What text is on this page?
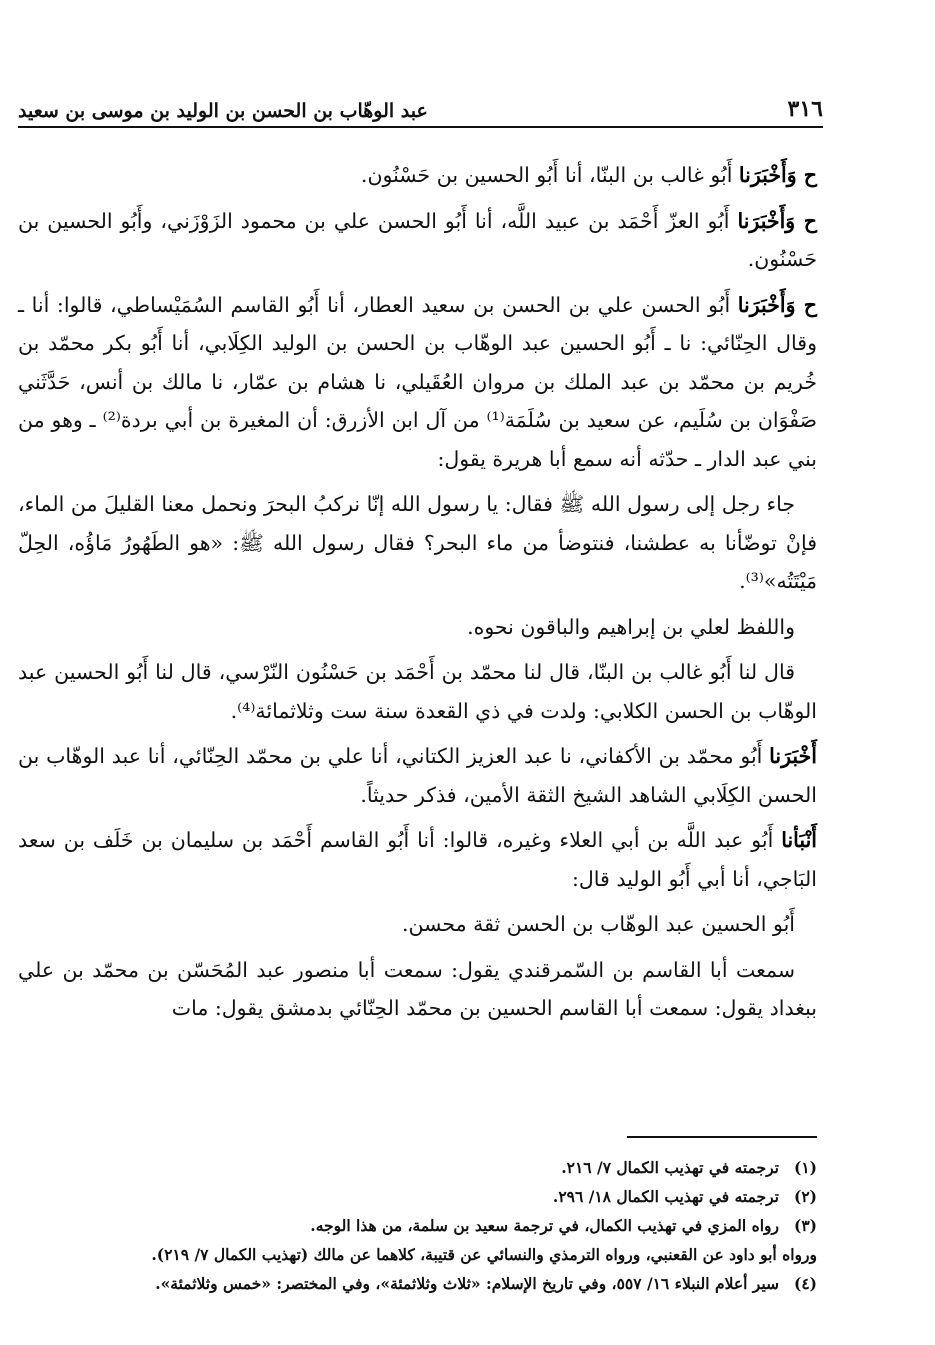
٣١٦
عبد الوهّاب بن الحسن بن الوليد بن موسى بن سعيد

ح وَأَخْبَرَنا أَبُو غالب بن البنّا، أنا أَبُو الحسين بن حَسْنُون.

ح وَأَخْبَرَنا أَبُو العزّ أَحْمَد بن عبيد اللَّه، أنا أَبُو الحسن علي بن محمود الزَوْزَني، وأَبُو الحسين بن حَسْنُون.

ح وَأَخْبَرَنا أَبُو الحسن علي بن الحسن بن سعيد العطار، أنا أَبُو القاسم السُمَيْساطي، قالوا: أنا ـ وقال الحِنّائي: نا ـ أَبُو الحسين عبد الوهّاب بن الحسن بن الوليد الكِلَابي، أنا أَبُو بكر محمّد بن خُريم بن محمّد بن عبد الملك بن مروان العُقَيلي، نا هشام بن عمّار، نا مالك بن أنس، حَدَّثَني صَفْوَان بن سُلَيم، عن سعيد بن سُلَمَة⁽¹⁾ من آل ابن الأزرق: أن المغيرة بن أبي بردة⁽²⁾ ـ وهو من بني عبد الدار ـ حدّثه أنه سمع أبا هريرة يقول:

جاء رجل إلى رسول الله ﷺ فقال: يا رسول الله إنّا نركبُ البحرَ ونحمل معنا القليلَ من الماء، فإنْ توضّأنا به عطشنا، فنتوضأ من ماء البحر؟ فقال رسول الله ﷺ: «هو الطَهُورُ مَاؤُه، الحِلّ مَيْتَتُه»⁽³⁾.

واللفظ لعلي بن إبراهيم والباقون نحوه.

قال لنا أَبُو غالب بن البنّا، قال لنا محمّد بن أَحْمَد بن حَسْنُون النّرْسي، قال لنا أَبُو الحسين عبد الوهّاب بن الحسن الكلابي: ولدت في ذي القعدة سنة ست وثلاثمائة⁽⁴⁾.

أَخْبَرَنا أَبُو محمّد بن الأكفاني، نا عبد العزيز الكتاني، أنا علي بن محمّد الحِنّائي، أنا عبد الوهّاب بن الحسن الكِلَابي الشاهد الشيخ الثقة الأمين، فذكر حديثاً.

أَنْبَأنا أَبُو عبد اللَّه بن أبي العلاء وغيره، قالوا: أنا أَبُو القاسم أَحْمَد بن سليمان بن خَلَف بن سعد البَاجي، أنا أبي أَبُو الوليد قال:

أَبُو الحسين عبد الوهّاب بن الحسن ثقة محسن.

سمعت أبا القاسم بن السّمرقندي يقول: سمعت أبا منصور عبد المُحَسّن بن محمّد بن علي ببغداد يقول: سمعت أبا القاسم الحسين بن محمّد الحِنّائي بدمشق يقول: مات

(١)
ترجمته في تهذيب الكمال ٧/ ٢١٦.
(٢)
ترجمته في تهذيب الكمال ١٨/ ٢٩٦.
(٣)
رواه المزي في تهذيب الكمال، في ترجمة سعيد بن سلمة، من هذا الوجه.
ورواه أبو داود عن القعنبي، ورواه الترمذي والنسائي عن قتيبة، كلاهما عن مالك (تهذيب الكمال ٧/ ٢١٩).
(٤)
سير أعلام النبلاء ١٦/ ٥٥٧، وفي تاريخ الإسلام: «ثلاث وثلاثمئة»، وفي المختصر: «خمس وثلاثمئة».
